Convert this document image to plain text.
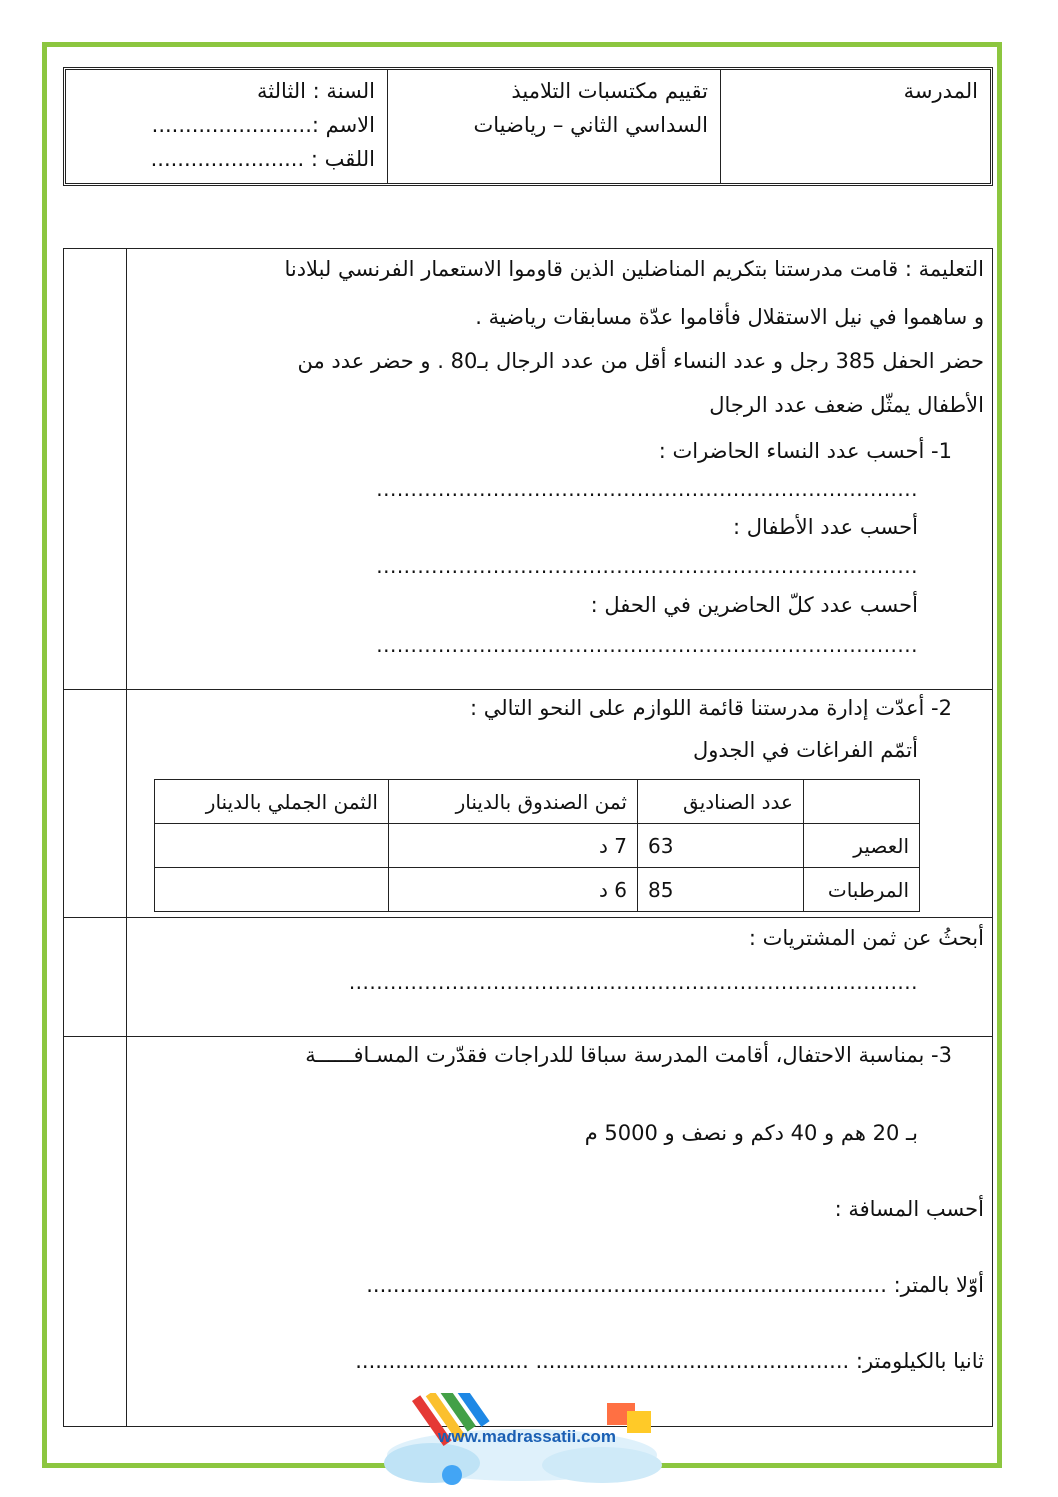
المدرسة
تقييم مكتسبات التلاميذ
السداسي الثاني – رياضيات
السنة : الثالثة
الاسم :........................
اللقب : .......................
التعليمة : قامت مدرستنا بتكريم المناضلين الذين قاوموا الاستعمار الفرنسي لبلادنا
و ساهموا في نيل الاستقلال فأقاموا عدّة مسابقات رياضية .
حضر الحفل 385 رجل و عدد النساء أقل من عدد الرجال بـ80 . و حضر عدد من
الأطفال يمثّل ضعف عدد الرجال
1- أحسب عدد النساء الحاضرات :
...............................................................................
أحسب عدد الأطفال :
...............................................................................
أحسب عدد كلّ الحاضرين في الحفل :
...............................................................................
2- أعدّت إدارة مدرستنا قائمة اللوازم على النحو التالي :
أتمّم الفراغات في الجدول
	عدد الصناديق	ثمن الصندوق بالدينار	الثمن الجملي بالدينار
العصير	63	7 د	
المرطبات	85	6 د	
أبحثُ عن ثمن المشتريات :
...................................................................................
3- بمناسبة الاحتفال، أقامت المدرسة سباقا للدراجات فقدّرت المسـافــــــة
بـ 20 هم و 40 دكم و نصف و 5000 م
أحسب المسافة :
أوّلا بالمتر: ..............................................................................
ثانيا بالكيلومتر: ............................................... ..........................
www.madrassatii.com
